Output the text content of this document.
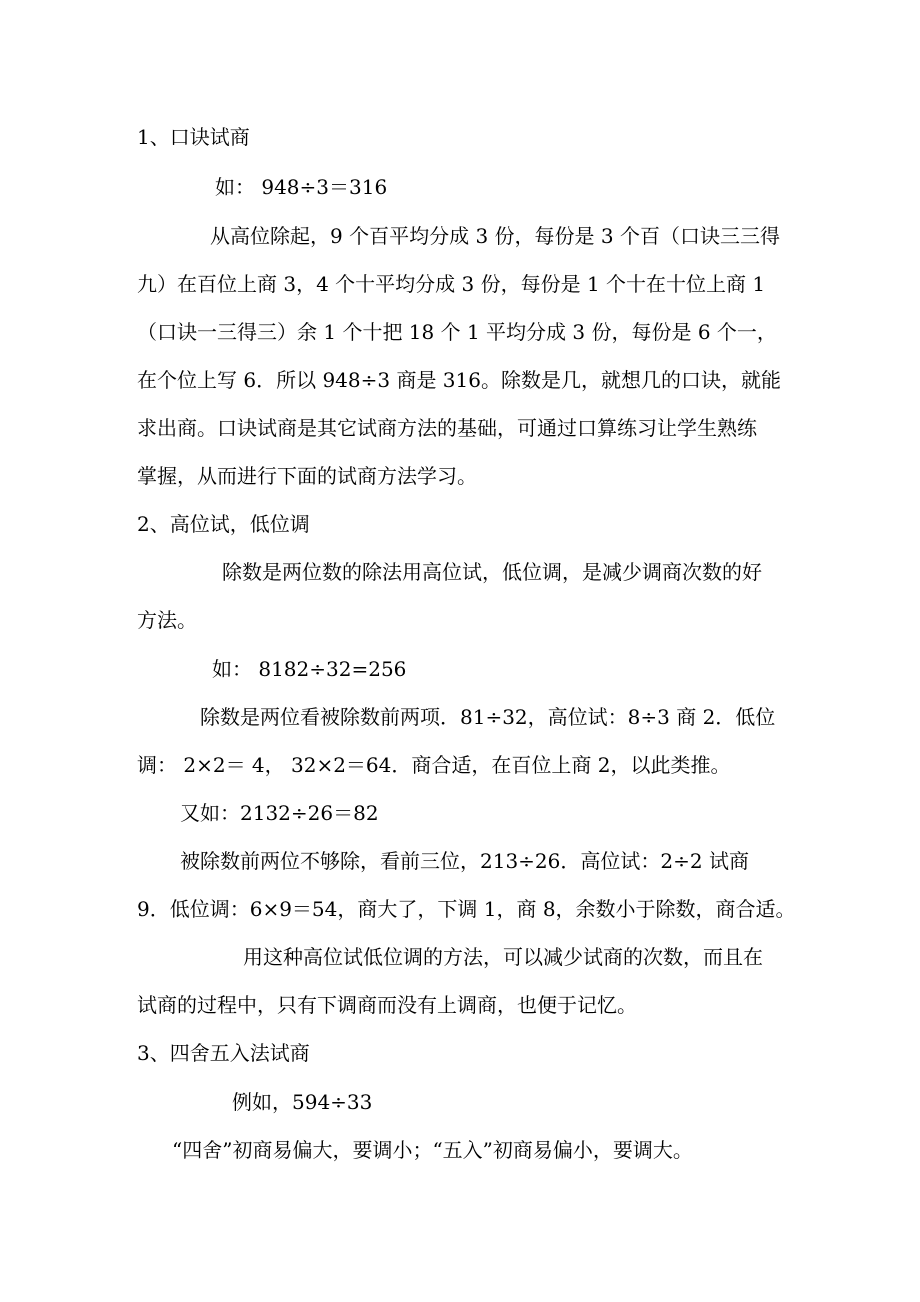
1、口诀试商
如： 948÷3＝316
从高位除起，9 个百平均分成 3 份，每份是 3 个百（口诀三三得
九）在百位上商 3，4 个十平均分成 3 份，每份是 1 个十在十位上商 1
（口诀一三得三）余 1 个十把 18 个 1 平均分成 3 份，每份是 6 个一，
在个位上写 6．所以 948÷3 商是 316。除数是几，就想几的口诀，就能
求出商。口诀试商是其它试商方法的基础，可通过口算练习让学生熟练
掌握，从而进行下面的试商方法学习。
2、高位试，低位调
除数是两位数的除法用高位试，低位调，是减少调商次数的好
方法。
如： 8182÷32=256
除数是两位看被除数前两项．81÷32，高位试：8÷3 商 2．低位
调： 2×2＝ 4， 32×2＝64．商合适，在百位上商 2，以此类推。
又如：2132÷26＝82
被除数前两位不够除，看前三位，213÷26．高位试：2÷2 试商
9．低位调：6×9＝54，商大了，下调 1，商 8，余数小于除数，商合适。
用这种高位试低位调的方法，可以减少试商的次数，而且在
试商的过程中，只有下调商而没有上调商，也便于记忆。
3、四舍五入法试商
例如，594÷33
“四舍”初商易偏大，要调小；“五入”初商易偏小，要调大。
